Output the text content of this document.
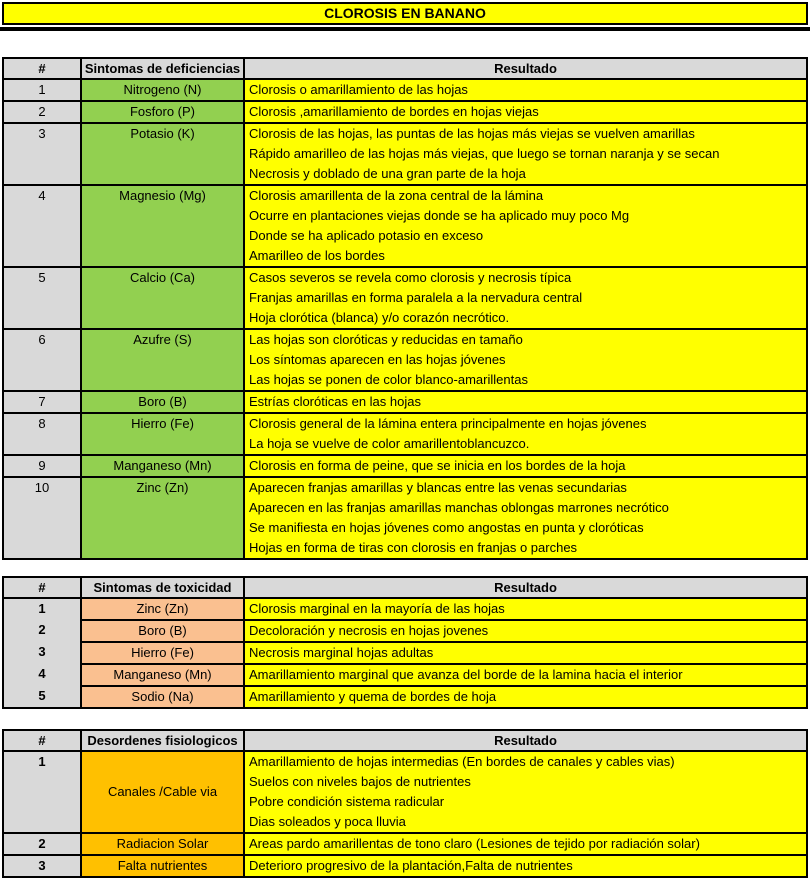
CLOROSIS EN BANANO
#	Sintomas de deficiencias	Resultado
1	Nitrogeno (N)	Clorosis o amarillamiento de las hojas

2	Fosforo (P)	Clorosis ,amarillamiento de bordes en hojas viejas

3	Potasio (K)	Clorosis de las hojas, las puntas de las hojas más viejas se vuelven amarillas
Rápido amarilleo de las hojas más viejas, que luego se tornan naranja y se secan
Necrosis y doblado de una gran parte de la hoja

4	Magnesio (Mg)	Clorosis amarillenta de la zona central de la lámina
Ocurre en plantaciones viejas donde se ha aplicado muy poco Mg
Donde se ha aplicado potasio en exceso
Amarilleo de los bordes

5	Calcio (Ca)	Casos severos se revela como clorosis y necrosis típica
Franjas amarillas en forma paralela a la nervadura central
Hoja clorótica (blanca) y/o corazón necrótico.

6	Azufre (S)	Las hojas son cloróticas y reducidas en tamaño
Los síntomas aparecen en las hojas jóvenes
Las hojas se ponen de color blanco-amarillentas

7	Boro (B)	Estrías cloróticas en las hojas

8	Hierro (Fe)	Clorosis general de la lámina entera principalmente en hojas jóvenes
La hoja se vuelve de color amarillentoblancuzco.

9	Manganeso (Mn)	Clorosis en forma de peine, que se inicia en los bordes de la hoja

10	Zinc (Zn)	Aparecen franjas amarillas y blancas entre las venas secundarias
Aparecen en las franjas amarillas manchas oblongas marrones necrótico
Se manifiesta en hojas jóvenes como angostas en punta y cloróticas
Hojas en forma de tiras con clorosis en franjas o parches
#	Sintomas de toxicidad	Resultado
1	Zinc (Zn)	Clorosis marginal en la mayoría de las hojas

2	Boro (B)	Decoloración y necrosis en hojas jovenes

3	Hierro (Fe)	Necrosis marginal hojas adultas

4	Manganeso (Mn)	Amarillamiento marginal que avanza del borde de la lamina hacia el interior

5	Sodio (Na)	Amarillamiento y quema de bordes de hoja
#	Desordenes fisiologicos	Resultado
1	Canales /Cable via	Amarillamiento de hojas intermedias (En bordes de canales y cables vias)
Suelos con niveles bajos de nutrientes
Pobre condición sistema radicular
Dias soleados y poca lluvia

2	Radiacion Solar	Areas pardo amarillentas de tono claro (Lesiones de tejido por radiación solar)

3	Falta nutrientes	Deterioro progresivo de la plantación,Falta de nutrientes
